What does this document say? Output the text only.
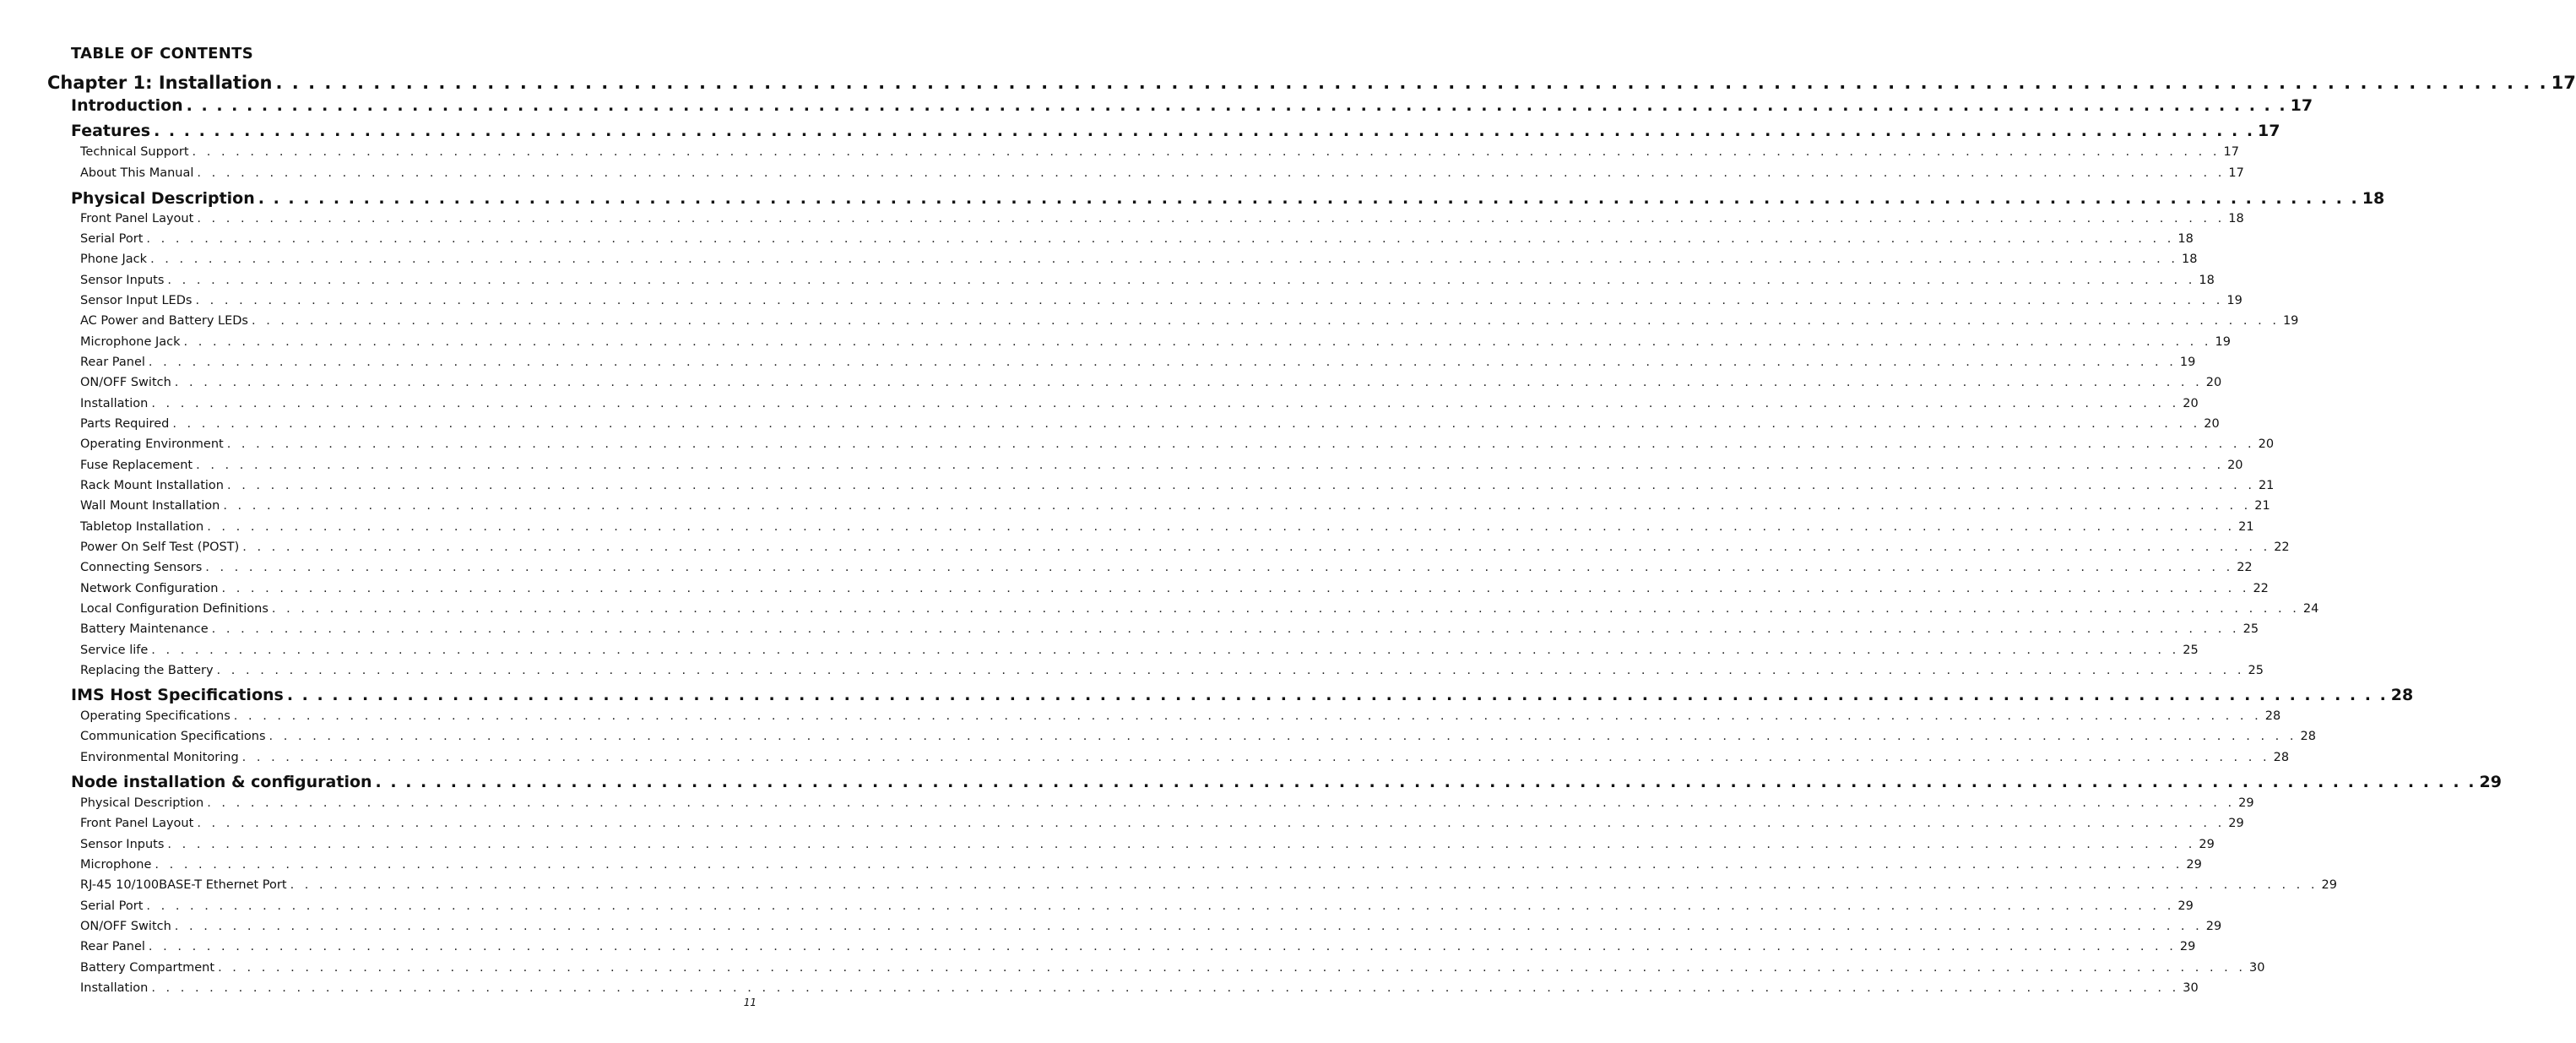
TABLE OF CONTENTS
Chapter 1: Installation . . . . . . . . . . . . . . . . . . . . . . . . . . . . . . . . . . . . . . . . . . . . . . . . . . . . . . . . . . . . . . . . . . . . . . . . . . . . . . . . . . . . . . . . . . . . . . . . . . . . . . . . . . . . . . . . . . . . . . . . . . . . . . . . . . . . . . . . . . . . 17
Introduction . . . . . . . . . . . . . . . . . . . . . . . . . . . . . . . . . . . . . . . . . . . . . . . . . . . . . . . . . . . . . . . . . . . . . . . . . . . . . . . . . . . . . . . . . . . . . . . . . . . . . . . . . . . . . . . . . . . . . . . . . . . . . . . . . . . . . . . . . . . . 17
Features . . . . . . . . . . . . . . . . . . . . . . . . . . . . . . . . . . . . . . . . . . . . . . . . . . . . . . . . . . . . . . . . . . . . . . . . . . . . . . . . . . . . . . . . . . . . . . . . . . . . . . . . . . . . . . . . . . . . . . . . . . . . . . . . . . . . . . . . . . . . 17
Technical Support . . . . . . . . . . . . . . . . . . . . . . . . . . . . . . . . . . . . . . . . . . . . . . . . . . . . . . . . . . . . . . . . . . . . . . . . . . . . . . . . . . . . . . . . . . . . . . . . . . . . . . . . . . . . . . . . . . . . . . . . . . . . . . . . . . . . . . . . . . . . 17
About This Manual . . . . . . . . . . . . . . . . . . . . . . . . . . . . . . . . . . . . . . . . . . . . . . . . . . . . . . . . . . . . . . . . . . . . . . . . . . . . . . . . . . . . . . . . . . . . . . . . . . . . . . . . . . . . . . . . . . . . . . . . . . . . . . . . . . . . . . . . . . . . 17
Physical Description . . . . . . . . . . . . . . . . . . . . . . . . . . . . . . . . . . . . . . . . . . . . . . . . . . . . . . . . . . . . . . . . . . . . . . . . . . . . . . . . . . . . . . . . . . . . . . . . . . . . . . . . . . . . . . . . . . . . . . . . . . . . . . . . . . . . . . . . . . . . 18
Front Panel Layout . . . . . . . . . . . . . . . . . . . . . . . . . . . . . . . . . . . . . . . . . . . . . . . . . . . . . . . . . . . . . . . . . . . . . . . . . . . . . . . . . . . . . . . . . . . . . . . . . . . . . . . . . . . . . . . . . . . . . . . . . . . . . . . . . . . . . . . . . . . . 18
Serial Port . . . . . . . . . . . . . . . . . . . . . . . . . . . . . . . . . . . . . . . . . . . . . . . . . . . . . . . . . . . . . . . . . . . . . . . . . . . . . . . . . . . . . . . . . . . . . . . . . . . . . . . . . . . . . . . . . . . . . . . . . . . . . . . . . . . . . . . . . . . . 18
Phone Jack . . . . . . . . . . . . . . . . . . . . . . . . . . . . . . . . . . . . . . . . . . . . . . . . . . . . . . . . . . . . . . . . . . . . . . . . . . . . . . . . . . . . . . . . . . . . . . . . . . . . . . . . . . . . . . . . . . . . . . . . . . . . . . . . . . . . . . . . . . . . 18
Sensor Inputs . . . . . . . . . . . . . . . . . . . . . . . . . . . . . . . . . . . . . . . . . . . . . . . . . . . . . . . . . . . . . . . . . . . . . . . . . . . . . . . . . . . . . . . . . . . . . . . . . . . . . . . . . . . . . . . . . . . . . . . . . . . . . . . . . . . . . . . . . . . . 18
Sensor Input LEDs . . . . . . . . . . . . . . . . . . . . . . . . . . . . . . . . . . . . . . . . . . . . . . . . . . . . . . . . . . . . . . . . . . . . . . . . . . . . . . . . . . . . . . . . . . . . . . . . . . . . . . . . . . . . . . . . . . . . . . . . . . . . . . . . . . . . . . . . . . . . 19
AC Power and Battery LEDs . . . . . . . . . . . . . . . . . . . . . . . . . . . . . . . . . . . . . . . . . . . . . . . . . . . . . . . . . . . . . . . . . . . . . . . . . . . . . . . . . . . . . . . . . . . . . . . . . . . . . . . . . . . . . . . . . . . . . . . . . . . . . . . . . . . . . . . . . . . . 19
Microphone Jack . . . . . . . . . . . . . . . . . . . . . . . . . . . . . . . . . . . . . . . . . . . . . . . . . . . . . . . . . . . . . . . . . . . . . . . . . . . . . . . . . . . . . . . . . . . . . . . . . . . . . . . . . . . . . . . . . . . . . . . . . . . . . . . . . . . . . . . . . . . . 19
Rear Panel . . . . . . . . . . . . . . . . . . . . . . . . . . . . . . . . . . . . . . . . . . . . . . . . . . . . . . . . . . . . . . . . . . . . . . . . . . . . . . . . . . . . . . . . . . . . . . . . . . . . . . . . . . . . . . . . . . . . . . . . . . . . . . . . . . . . . . . . . . . . 19
ON/OFF Switch . . . . . . . . . . . . . . . . . . . . . . . . . . . . . . . . . . . . . . . . . . . . . . . . . . . . . . . . . . . . . . . . . . . . . . . . . . . . . . . . . . . . . . . . . . . . . . . . . . . . . . . . . . . . . . . . . . . . . . . . . . . . . . . . . . . . . . . . . . . . 20
Installation . . . . . . . . . . . . . . . . . . . . . . . . . . . . . . . . . . . . . . . . . . . . . . . . . . . . . . . . . . . . . . . . . . . . . . . . . . . . . . . . . . . . . . . . . . . . . . . . . . . . . . . . . . . . . . . . . . . . . . . . . . . . . . . . . . . . . . . . . . . . 20
Parts Required . . . . . . . . . . . . . . . . . . . . . . . . . . . . . . . . . . . . . . . . . . . . . . . . . . . . . . . . . . . . . . . . . . . . . . . . . . . . . . . . . . . . . . . . . . . . . . . . . . . . . . . . . . . . . . . . . . . . . . . . . . . . . . . . . . . . . . . . . . . . 20
Operating Environment . . . . . . . . . . . . . . . . . . . . . . . . . . . . . . . . . . . . . . . . . . . . . . . . . . . . . . . . . . . . . . . . . . . . . . . . . . . . . . . . . . . . . . . . . . . . . . . . . . . . . . . . . . . . . . . . . . . . . . . . . . . . . . . . . . . . . . . . . . . . 20
Fuse Replacement . . . . . . . . . . . . . . . . . . . . . . . . . . . . . . . . . . . . . . . . . . . . . . . . . . . . . . . . . . . . . . . . . . . . . . . . . . . . . . . . . . . . . . . . . . . . . . . . . . . . . . . . . . . . . . . . . . . . . . . . . . . . . . . . . . . . . . . . . . . . 20
Rack Mount Installation . . . . . . . . . . . . . . . . . . . . . . . . . . . . . . . . . . . . . . . . . . . . . . . . . . . . . . . . . . . . . . . . . . . . . . . . . . . . . . . . . . . . . . . . . . . . . . . . . . . . . . . . . . . . . . . . . . . . . . . . . . . . . . . . . . . . . . . . . . . . 21
Wall Mount Installation . . . . . . . . . . . . . . . . . . . . . . . . . . . . . . . . . . . . . . . . . . . . . . . . . . . . . . . . . . . . . . . . . . . . . . . . . . . . . . . . . . . . . . . . . . . . . . . . . . . . . . . . . . . . . . . . . . . . . . . . . . . . . . . . . . . . . . . . . . . . 21
Tabletop Installation . . . . . . . . . . . . . . . . . . . . . . . . . . . . . . . . . . . . . . . . . . . . . . . . . . . . . . . . . . . . . . . . . . . . . . . . . . . . . . . . . . . . . . . . . . . . . . . . . . . . . . . . . . . . . . . . . . . . . . . . . . . . . . . . . . . . . . . . . . . . 21
Power On Self Test (POST) . . . . . . . . . . . . . . . . . . . . . . . . . . . . . . . . . . . . . . . . . . . . . . . . . . . . . . . . . . . . . . . . . . . . . . . . . . . . . . . . . . . . . . . . . . . . . . . . . . . . . . . . . . . . . . . . . . . . . . . . . . . . . . . . . . . . . . . . . . . . 22
Connecting Sensors . . . . . . . . . . . . . . . . . . . . . . . . . . . . . . . . . . . . . . . . . . . . . . . . . . . . . . . . . . . . . . . . . . . . . . . . . . . . . . . . . . . . . . . . . . . . . . . . . . . . . . . . . . . . . . . . . . . . . . . . . . . . . . . . . . . . . . . . . . . . 22
Network Configuration . . . . . . . . . . . . . . . . . . . . . . . . . . . . . . . . . . . . . . . . . . . . . . . . . . . . . . . . . . . . . . . . . . . . . . . . . . . . . . . . . . . . . . . . . . . . . . . . . . . . . . . . . . . . . . . . . . . . . . . . . . . . . . . . . . . . . . . . . . . . 22
Local Configuration Definitions . . . . . . . . . . . . . . . . . . . . . . . . . . . . . . . . . . . . . . . . . . . . . . . . . . . . . . . . . . . . . . . . . . . . . . . . . . . . . . . . . . . . . . . . . . . . . . . . . . . . . . . . . . . . . . . . . . . . . . . . . . . . . . . . . . . . . . . . . . . . 24
Battery Maintenance . . . . . . . . . . . . . . . . . . . . . . . . . . . . . . . . . . . . . . . . . . . . . . . . . . . . . . . . . . . . . . . . . . . . . . . . . . . . . . . . . . . . . . . . . . . . . . . . . . . . . . . . . . . . . . . . . . . . . . . . . . . . . . . . . . . . . . . . . . . . 25
Service life . . . . . . . . . . . . . . . . . . . . . . . . . . . . . . . . . . . . . . . . . . . . . . . . . . . . . . . . . . . . . . . . . . . . . . . . . . . . . . . . . . . . . . . . . . . . . . . . . . . . . . . . . . . . . . . . . . . . . . . . . . . . . . . . . . . . . . . . . . . . 25
Replacing the Battery . . . . . . . . . . . . . . . . . . . . . . . . . . . . . . . . . . . . . . . . . . . . . . . . . . . . . . . . . . . . . . . . . . . . . . . . . . . . . . . . . . . . . . . . . . . . . . . . . . . . . . . . . . . . . . . . . . . . . . . . . . . . . . . . . . . . . . . . . . . . 25
IMS Host Specifications . . . . . . . . . . . . . . . . . . . . . . . . . . . . . . . . . . . . . . . . . . . . . . . . . . . . . . . . . . . . . . . . . . . . . . . . . . . . . . . . . . . . . . . . . . . . . . . . . . . . . . . . . . . . . . . . . . . . . . . . . . . . . . . . . . . . . . . . . . . . 28
Operating Specifications . . . . . . . . . . . . . . . . . . . . . . . . . . . . . . . . . . . . . . . . . . . . . . . . . . . . . . . . . . . . . . . . . . . . . . . . . . . . . . . . . . . . . . . . . . . . . . . . . . . . . . . . . . . . . . . . . . . . . . . . . . . . . . . . . . . . . . . . . . . . 28
Communication Specifications . . . . . . . . . . . . . . . . . . . . . . . . . . . . . . . . . . . . . . . . . . . . . . . . . . . . . . . . . . . . . . . . . . . . . . . . . . . . . . . . . . . . . . . . . . . . . . . . . . . . . . . . . . . . . . . . . . . . . . . . . . . . . . . . . . . . . . . . . . . . 28
Environmental Monitoring . . . . . . . . . . . . . . . . . . . . . . . . . . . . . . . . . . . . . . . . . . . . . . . . . . . . . . . . . . . . . . . . . . . . . . . . . . . . . . . . . . . . . . . . . . . . . . . . . . . . . . . . . . . . . . . . . . . . . . . . . . . . . . . . . . . . . . . . . . . . 28
Node installation & configuration . . . . . . . . . . . . . . . . . . . . . . . . . . . . . . . . . . . . . . . . . . . . . . . . . . . . . . . . . . . . . . . . . . . . . . . . . . . . . . . . . . . . . . . . . . . . . . . . . . . . . . . . . . . . . . . . . . . . . . . . . . . . . . . . . . . . . . . . . . . . 29
Physical Description . . . . . . . . . . . . . . . . . . . . . . . . . . . . . . . . . . . . . . . . . . . . . . . . . . . . . . . . . . . . . . . . . . . . . . . . . . . . . . . . . . . . . . . . . . . . . . . . . . . . . . . . . . . . . . . . . . . . . . . . . . . . . . . . . . . . . . . . . . . . 29
Front Panel Layout . . . . . . . . . . . . . . . . . . . . . . . . . . . . . . . . . . . . . . . . . . . . . . . . . . . . . . . . . . . . . . . . . . . . . . . . . . . . . . . . . . . . . . . . . . . . . . . . . . . . . . . . . . . . . . . . . . . . . . . . . . . . . . . . . . . . . . . . . . . . 29
Sensor Inputs . . . . . . . . . . . . . . . . . . . . . . . . . . . . . . . . . . . . . . . . . . . . . . . . . . . . . . . . . . . . . . . . . . . . . . . . . . . . . . . . . . . . . . . . . . . . . . . . . . . . . . . . . . . . . . . . . . . . . . . . . . . . . . . . . . . . . . . . . . . . 29
Microphone . . . . . . . . . . . . . . . . . . . . . . . . . . . . . . . . . . . . . . . . . . . . . . . . . . . . . . . . . . . . . . . . . . . . . . . . . . . . . . . . . . . . . . . . . . . . . . . . . . . . . . . . . . . . . . . . . . . . . . . . . . . . . . . . . . . . . . . . . . . . 29
RJ-45 10/100BASE-T Ethernet Port . . . . . . . . . . . . . . . . . . . . . . . . . . . . . . . . . . . . . . . . . . . . . . . . . . . . . . . . . . . . . . . . . . . . . . . . . . . . . . . . . . . . . . . . . . . . . . . . . . . . . . . . . . . . . . . . . . . . . . . . . . . . . . . . . . . . . . . . . . . . 29
Serial Port . . . . . . . . . . . . . . . . . . . . . . . . . . . . . . . . . . . . . . . . . . . . . . . . . . . . . . . . . . . . . . . . . . . . . . . . . . . . . . . . . . . . . . . . . . . . . . . . . . . . . . . . . . . . . . . . . . . . . . . . . . . . . . . . . . . . . . . . . . . . 29
ON/OFF Switch . . . . . . . . . . . . . . . . . . . . . . . . . . . . . . . . . . . . . . . . . . . . . . . . . . . . . . . . . . . . . . . . . . . . . . . . . . . . . . . . . . . . . . . . . . . . . . . . . . . . . . . . . . . . . . . . . . . . . . . . . . . . . . . . . . . . . . . . . . . . 29
Rear Panel . . . . . . . . . . . . . . . . . . . . . . . . . . . . . . . . . . . . . . . . . . . . . . . . . . . . . . . . . . . . . . . . . . . . . . . . . . . . . . . . . . . . . . . . . . . . . . . . . . . . . . . . . . . . . . . . . . . . . . . . . . . . . . . . . . . . . . . . . . . . 29
Battery Compartment . . . . . . . . . . . . . . . . . . . . . . . . . . . . . . . . . . . . . . . . . . . . . . . . . . . . . . . . . . . . . . . . . . . . . . . . . . . . . . . . . . . . . . . . . . . . . . . . . . . . . . . . . . . . . . . . . . . . . . . . . . . . . . . . . . . . . . . . . . . . 30
Installation . . . . . . . . . . . . . . . . . . . . . . . . . . . . . . . . . . . . . . . . . . . . . . . . . . . . . . . . . . . . . . . . . . . . . . . . . . . . . . . . . . . . . . . . . . . . . . . . . . . . . . . . . . . . . . . . . . . . . . . . . . . . . . . . . . . . . . . . . . . . 30

11
